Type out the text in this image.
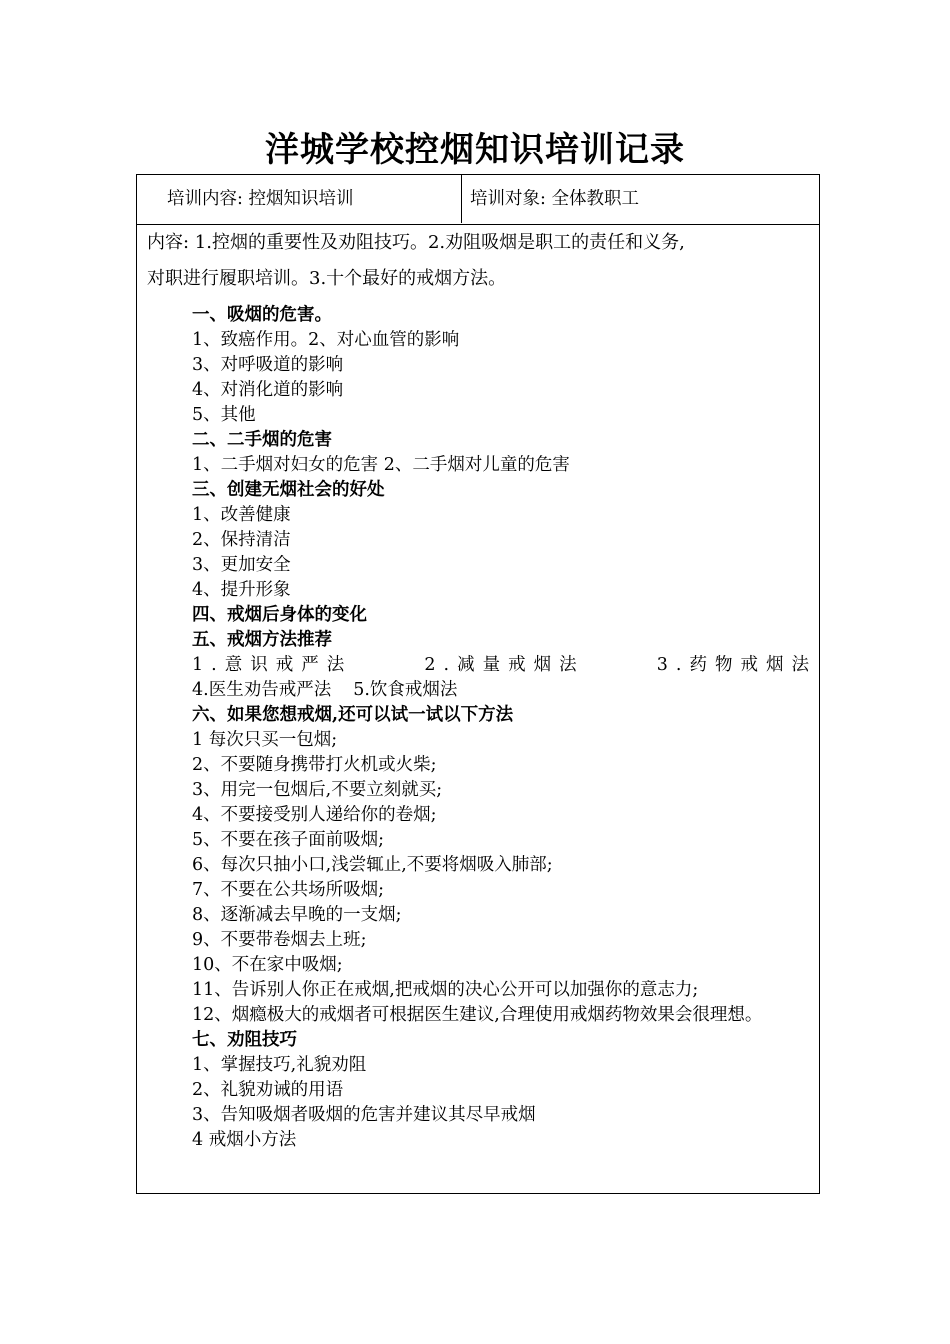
洋城学校控烟知识培训记录
培训内容: 控烟知识培训	培训对象: 全体教职工

内容: 1.控烟的重要性及劝阻技巧。2.劝阻吸烟是职工的责任和义务,
对职进行履职培训。3.十个最好的戒烟方法。

一、吸烟的危害。
1、致癌作用。2、对心血管的影响
3、对呼吸道的影响
4、对消化道的影响
5、其他
二、二手烟的危害
1、二手烟对妇女的危害 2、二手烟对儿童的危害
三、创建无烟社会的好处
1、改善健康
2、保持清洁
3、更加安全
4、提升形象
四、戒烟后身体的变化
五、戒烟方法推荐
1.意识戒严法	2.减量戒烟法	3.药物戒烟法
4.医生劝告戒严法 5.饮食戒烟法
六、如果您想戒烟,还可以试一试以下方法
1 每次只买一包烟;
2、不要随身携带打火机或火柴;
3、用完一包烟后,不要立刻就买;
4、不要接受别人递给你的卷烟;
5、不要在孩子面前吸烟;
6、每次只抽小口,浅尝辄止,不要将烟吸入肺部;
7、不要在公共场所吸烟;
8、逐渐减去早晚的一支烟;
9、不要带卷烟去上班;
10、不在家中吸烟;
11、告诉别人你正在戒烟,把戒烟的决心公开可以加强你的意志力;
12、烟瘾极大的戒烟者可根据医生建议,合理使用戒烟药物效果会很理想。
七、劝阻技巧
1、掌握技巧,礼貌劝阻
2、礼貌劝诫的用语
3、告知吸烟者吸烟的危害并建议其尽早戒烟
4 戒烟小方法
